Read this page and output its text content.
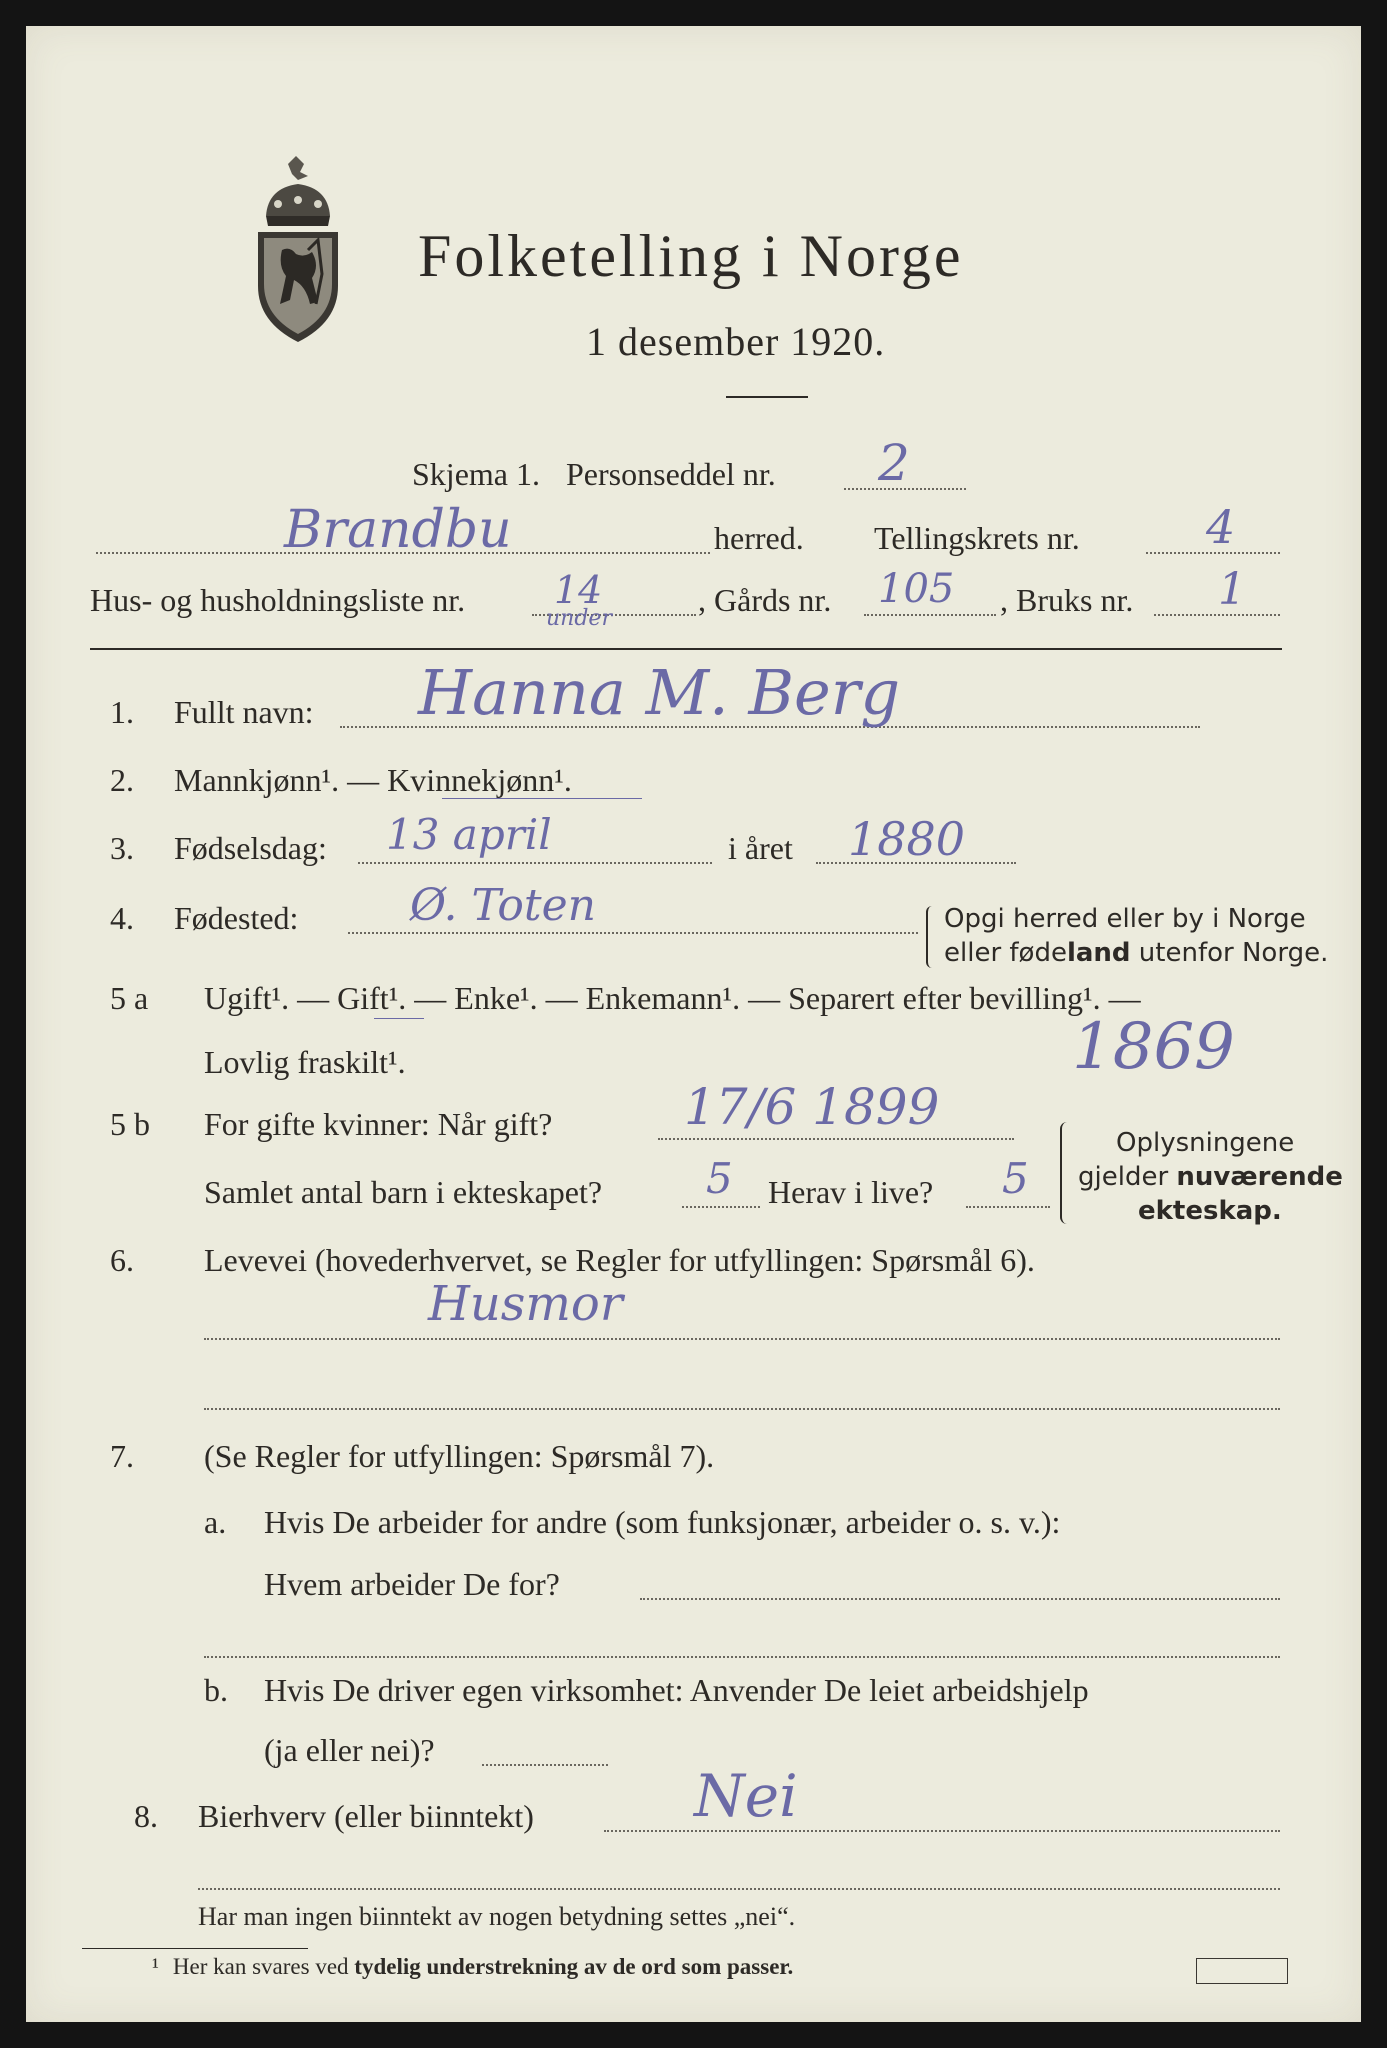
Folketelling i Norge
1 desember 1920.
Skjema 1. Personseddel nr. 2
Brandbu	herred. Tellingskrets nr.	4
Hus- og husholdningsliste nr. 14
under
, Gårds nr. 105 , Bruks nr. 1
1. Fullt navn: Hanna M. Berg
2. Mannkjønn¹. — Kvinnekjønn¹.
3. Fødselsdag: 13 april	i året 1880
4. Fødested:	Ø. Toten	Opgi herred eller by i Norge
eller fødeland utenfor Norge.
5 a Ugift¹. — Gift¹. — Enke¹. — Enkemann¹. — Separert efter bevilling¹. —
Lovlig fraskilt¹.	1869
5 b For gifte kvinner: Når gift?	17/6 1899
Samlet antal barn i ekteskapet? 5 Herav i live? 5
Oplysningene
gjelder nuværende
ekteskap.
6. Levevei (hovederhvervet, se Regler for utfyllingen: Spørsmål 6).
Husmor
7. (Se Regler for utfyllingen: Spørsmål 7).
a. Hvis De arbeider for andre (som funksjonær, arbeider o. s. v.):
Hvem arbeider De for?
b. Hvis De driver egen virksomhet: Anvender De leiet arbeidshjelp
(ja eller nei)?
8. Bierhverv (eller biinntekt)	Nei
Har man ingen biinntekt av nogen betydning settes „nei“.
¹ Her kan svares ved tydelig understrekning av de ord som passer.
